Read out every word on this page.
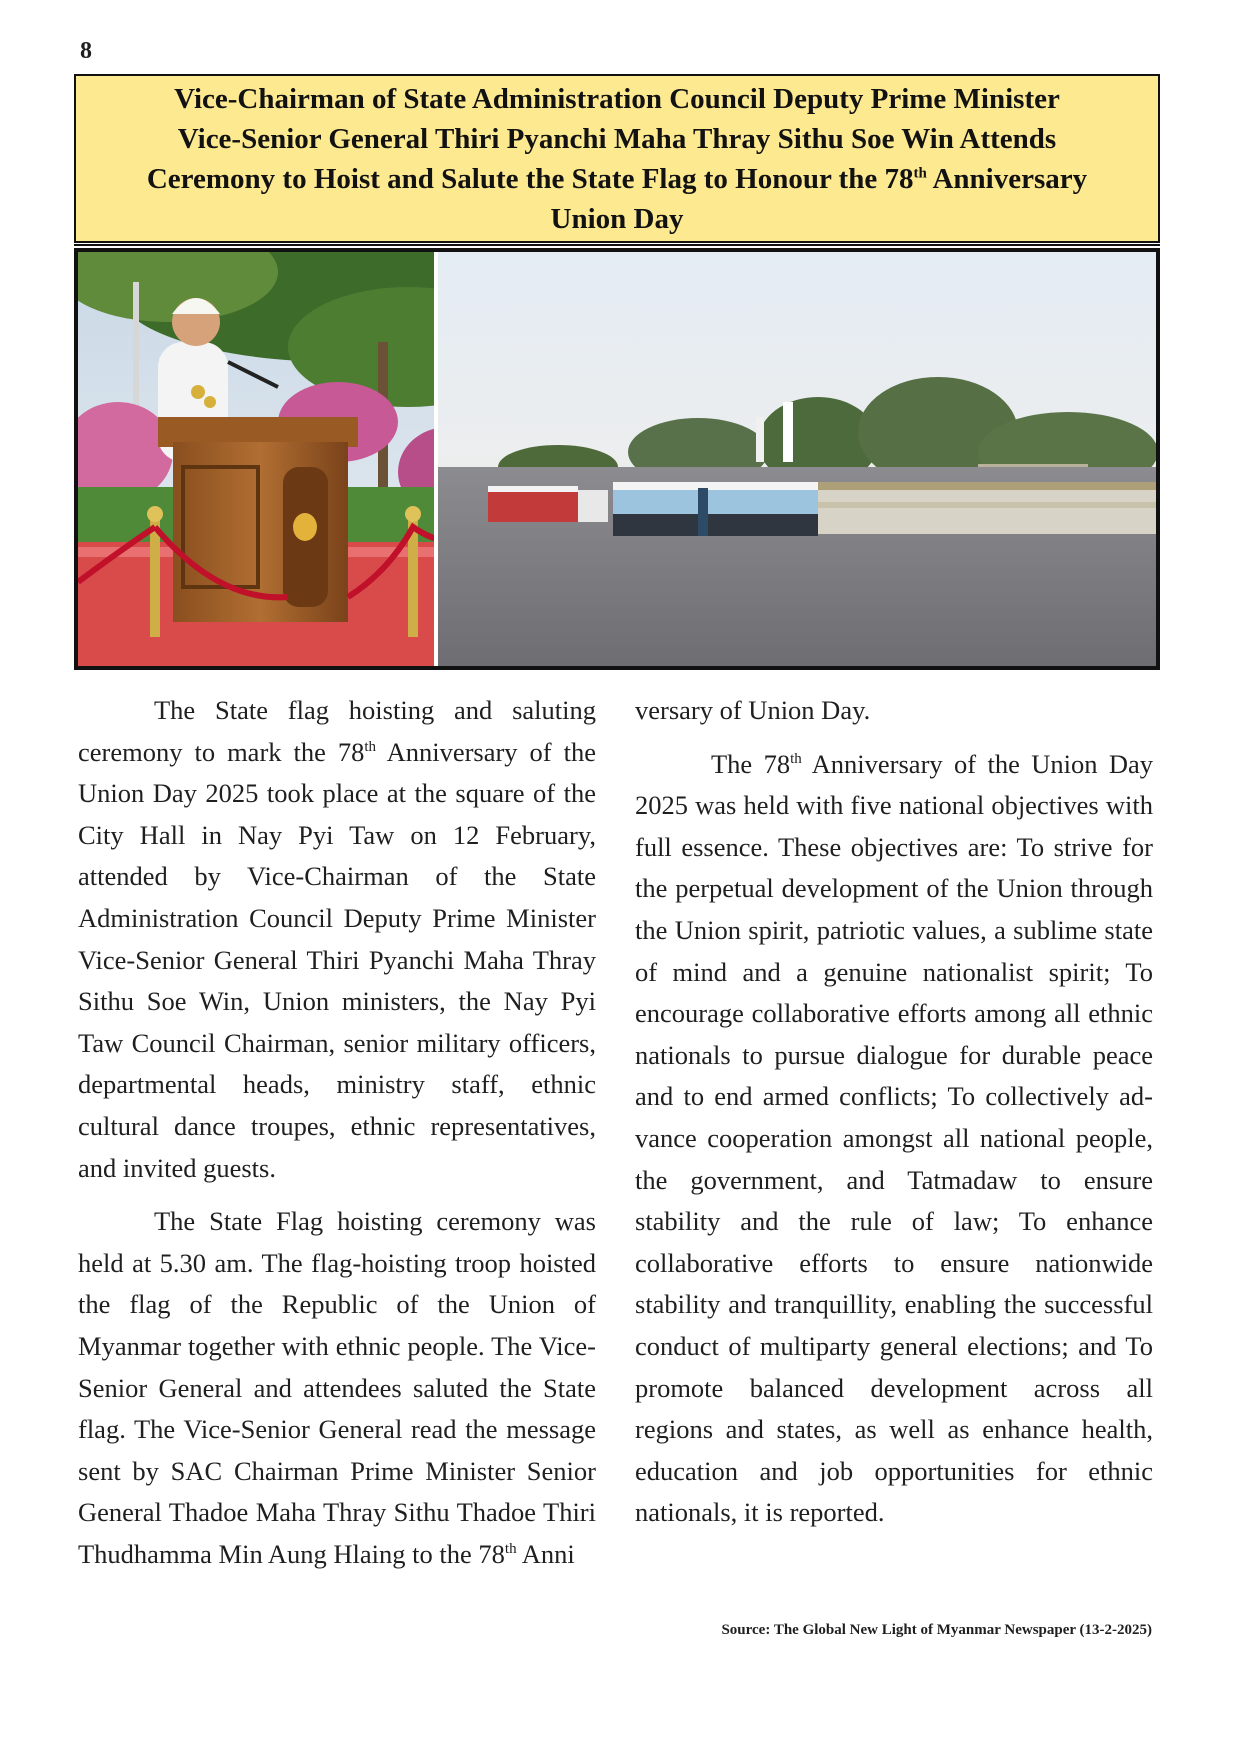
8
Vice-Chairman of State Administration Council Deputy Prime Minister
Vice-Senior General Thiri Pyanchi Maha Thray Sithu Soe Win Attends
Ceremony to Hoist and Salute the State Flag to Honour the 78th Anniversary
Union Day

The State flag hoisting and saluting ceremony to mark the 78th Anniversary of the Union Day 2025 took place at the square of the City Hall in Nay Pyi Taw on 12 February, attended by Vice-Chairman of the State Administration Council Deputy Prime Minister Vice-Senior General Thiri Pyanchi Maha Thray Sithu Soe Win, Union ministers, the Nay Pyi Taw Council Chairman, senior military officers, departmental heads, ministry staff, ethnic cultural dance troupes, ethnic representatives, and invited guests.

The State Flag hoisting ceremony was held at 5.30 am. The flag-hoisting troop hoisted the flag of the Republic of the Union of Myanmar together with ethnic people. The Vice-Senior General and attendees saluted the State flag. The Vice-Senior General read the message sent by SAC Chairman Prime Minister Senior General Thadoe Maha Thray Sithu Thadoe Thiri Thudhamma Min Aung Hlaing to the 78th Anni

versary of Union Day.

The 78th Anniversary of the Union Day 2025 was held with five national objectives with full essence. These objectives are: To strive for the perpetual development of the Union through the Union spirit, patriotic values, a sublime state of mind and a genuine nationalist spirit; To encourage collaborative efforts among all ethnic nationals to pursue dialogue for durable peace and to end armed conflicts; To collectively advance cooperation amongst all national people, the government, and Tatmadaw to ensure stability and the rule of law; To enhance collaborative efforts to ensure nationwide stability and tranquillity, enabling the successful conduct of multiparty general elections; and To promote balanced development across all regions and states, as well as enhance health, education and job opportunities for ethnic nationals, it is reported.

Source: The Global New Light of Myanmar Newspaper (13-2-2025)
